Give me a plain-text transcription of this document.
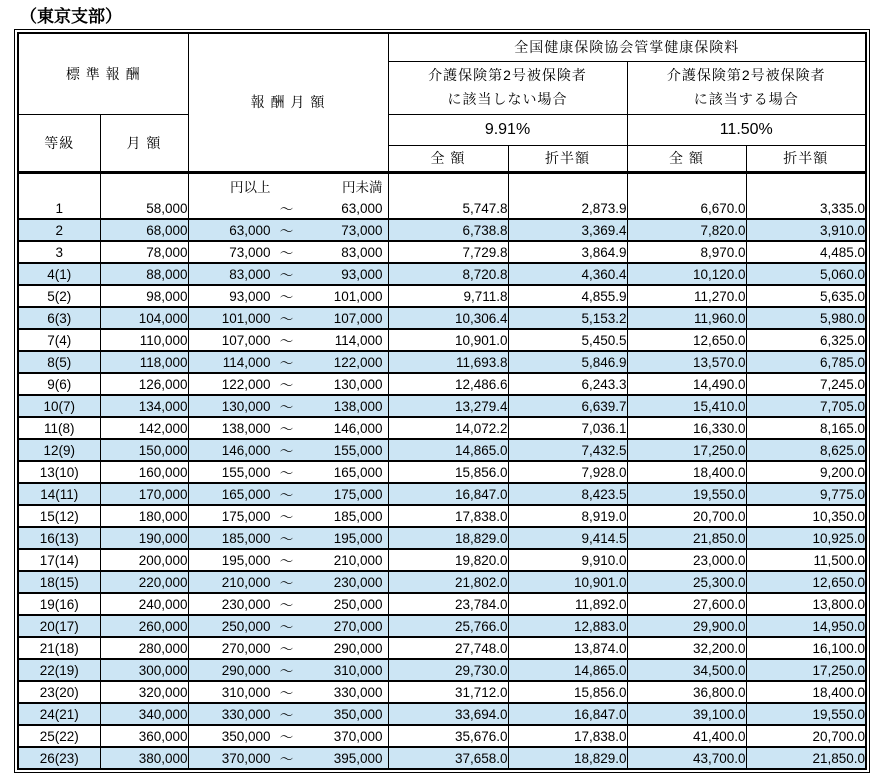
（東京支部）
標 準 報 酬		報 酬 月 額	全国健康保険協会管掌健康保険料			

介護保険第2号被保険者
に該当しない場合

介護保険第2号被保険者
に該当する場合

等級	月 額		9.91%		11.50%	
			全 額	折半額	全 額	折半額

		円以上 円未満				

1	58,000	～ 63,000	5,747.8	2,873.9	6,670.0	3,335.0
2	68,000	63,000 ～ 73,000	6,738.8	3,369.4	7,820.0	3,910.0
3	78,000	73,000 ～ 83,000	7,729.8	3,864.9	8,970.0	4,485.0
4(1)	88,000	83,000 ～ 93,000	8,720.8	4,360.4	10,120.0	5,060.0
5(2)	98,000	93,000 ～ 101,000	9,711.8	4,855.9	11,270.0	5,635.0
6(3)	104,000	101,000 ～ 107,000	10,306.4	5,153.2	11,960.0	5,980.0
7(4)	110,000	107,000 ～ 114,000	10,901.0	5,450.5	12,650.0	6,325.0
8(5)	118,000	114,000 ～ 122,000	11,693.8	5,846.9	13,570.0	6,785.0
9(6)	126,000	122,000 ～ 130,000	12,486.6	6,243.3	14,490.0	7,245.0
10(7)	134,000	130,000 ～ 138,000	13,279.4	6,639.7	15,410.0	7,705.0
11(8)	142,000	138,000 ～ 146,000	14,072.2	7,036.1	16,330.0	8,165.0
12(9)	150,000	146,000 ～ 155,000	14,865.0	7,432.5	17,250.0	8,625.0
13(10)	160,000	155,000 ～ 165,000	15,856.0	7,928.0	18,400.0	9,200.0
14(11)	170,000	165,000 ～ 175,000	16,847.0	8,423.5	19,550.0	9,775.0
15(12)	180,000	175,000 ～ 185,000	17,838.0	8,919.0	20,700.0	10,350.0
16(13)	190,000	185,000 ～ 195,000	18,829.0	9,414.5	21,850.0	10,925.0
17(14)	200,000	195,000 ～ 210,000	19,820.0	9,910.0	23,000.0	11,500.0
18(15)	220,000	210,000 ～ 230,000	21,802.0	10,901.0	25,300.0	12,650.0
19(16)	240,000	230,000 ～ 250,000	23,784.0	11,892.0	27,600.0	13,800.0
20(17)	260,000	250,000 ～ 270,000	25,766.0	12,883.0	29,900.0	14,950.0
21(18)	280,000	270,000 ～ 290,000	27,748.0	13,874.0	32,200.0	16,100.0
22(19)	300,000	290,000 ～ 310,000	29,730.0	14,865.0	34,500.0	17,250.0
23(20)	320,000	310,000 ～ 330,000	31,712.0	15,856.0	36,800.0	18,400.0
24(21)	340,000	330,000 ～ 350,000	33,694.0	16,847.0	39,100.0	19,550.0
25(22)	360,000	350,000 ～ 370,000	35,676.0	17,838.0	41,400.0	20,700.0
26(23)	380,000	370,000 ～ 395,000	37,658.0	18,829.0	43,700.0	21,850.0
